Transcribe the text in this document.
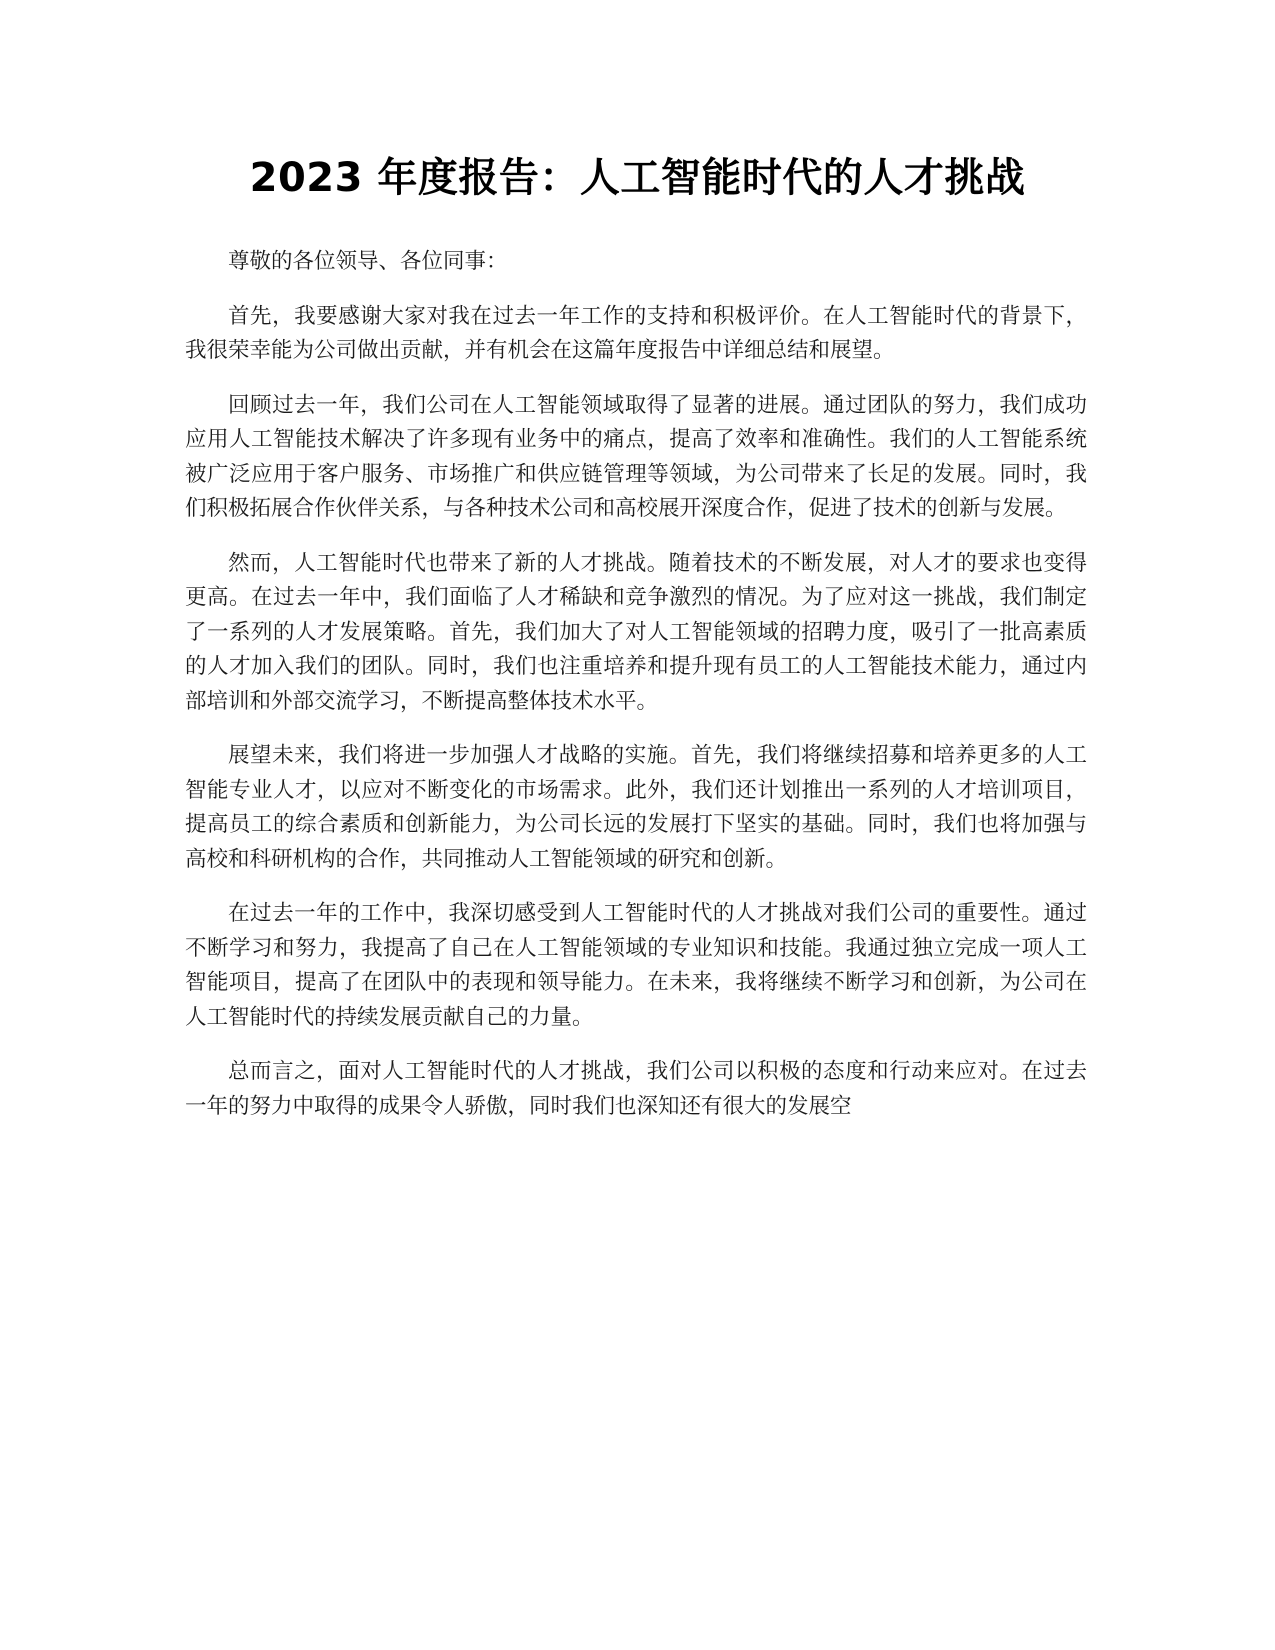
2023 年度报告：人工智能时代的人才挑战

尊敬的各位领导、各位同事：

首先，我要感谢大家对我在过去一年工作的支持和积极评价。在人工智能时代的背景下，我很荣幸能为公司做出贡献，并有机会在这篇年度报告中详细总结和展望。

回顾过去一年，我们公司在人工智能领域取得了显著的进展。通过团队的努力，我们成功应用人工智能技术解决了许多现有业务中的痛点，提高了效率和准确性。我们的人工智能系统被广泛应用于客户服务、市场推广和供应链管理等领域，为公司带来了长足的发展。同时，我们积极拓展合作伙伴关系，与各种技术公司和高校展开深度合作，促进了技术的创新与发展。

然而，人工智能时代也带来了新的人才挑战。随着技术的不断发展，对人才的要求也变得更高。在过去一年中，我们面临了人才稀缺和竞争激烈的情况。为了应对这一挑战，我们制定了一系列的人才发展策略。首先，我们加大了对人工智能领域的招聘力度，吸引了一批高素质的人才加入我们的团队。同时，我们也注重培养和提升现有员工的人工智能技术能力，通过内部培训和外部交流学习，不断提高整体技术水平。

展望未来，我们将进一步加强人才战略的实施。首先，我们将继续招募和培养更多的人工智能专业人才，以应对不断变化的市场需求。此外，我们还计划推出一系列的人才培训项目，提高员工的综合素质和创新能力，为公司长远的发展打下坚实的基础。同时，我们也将加强与高校和科研机构的合作，共同推动人工智能领域的研究和创新。

在过去一年的工作中，我深切感受到人工智能时代的人才挑战对我们公司的重要性。通过不断学习和努力，我提高了自己在人工智能领域的专业知识和技能。我通过独立完成一项人工智能项目，提高了在团队中的表现和领导能力。在未来，我将继续不断学习和创新，为公司在人工智能时代的持续发展贡献自己的力量。

总而言之，面对人工智能时代的人才挑战，我们公司以积极的态度和行动来应对。在过去一年的努力中取得的成果令人骄傲，同时我们也深知还有很大的发展空
